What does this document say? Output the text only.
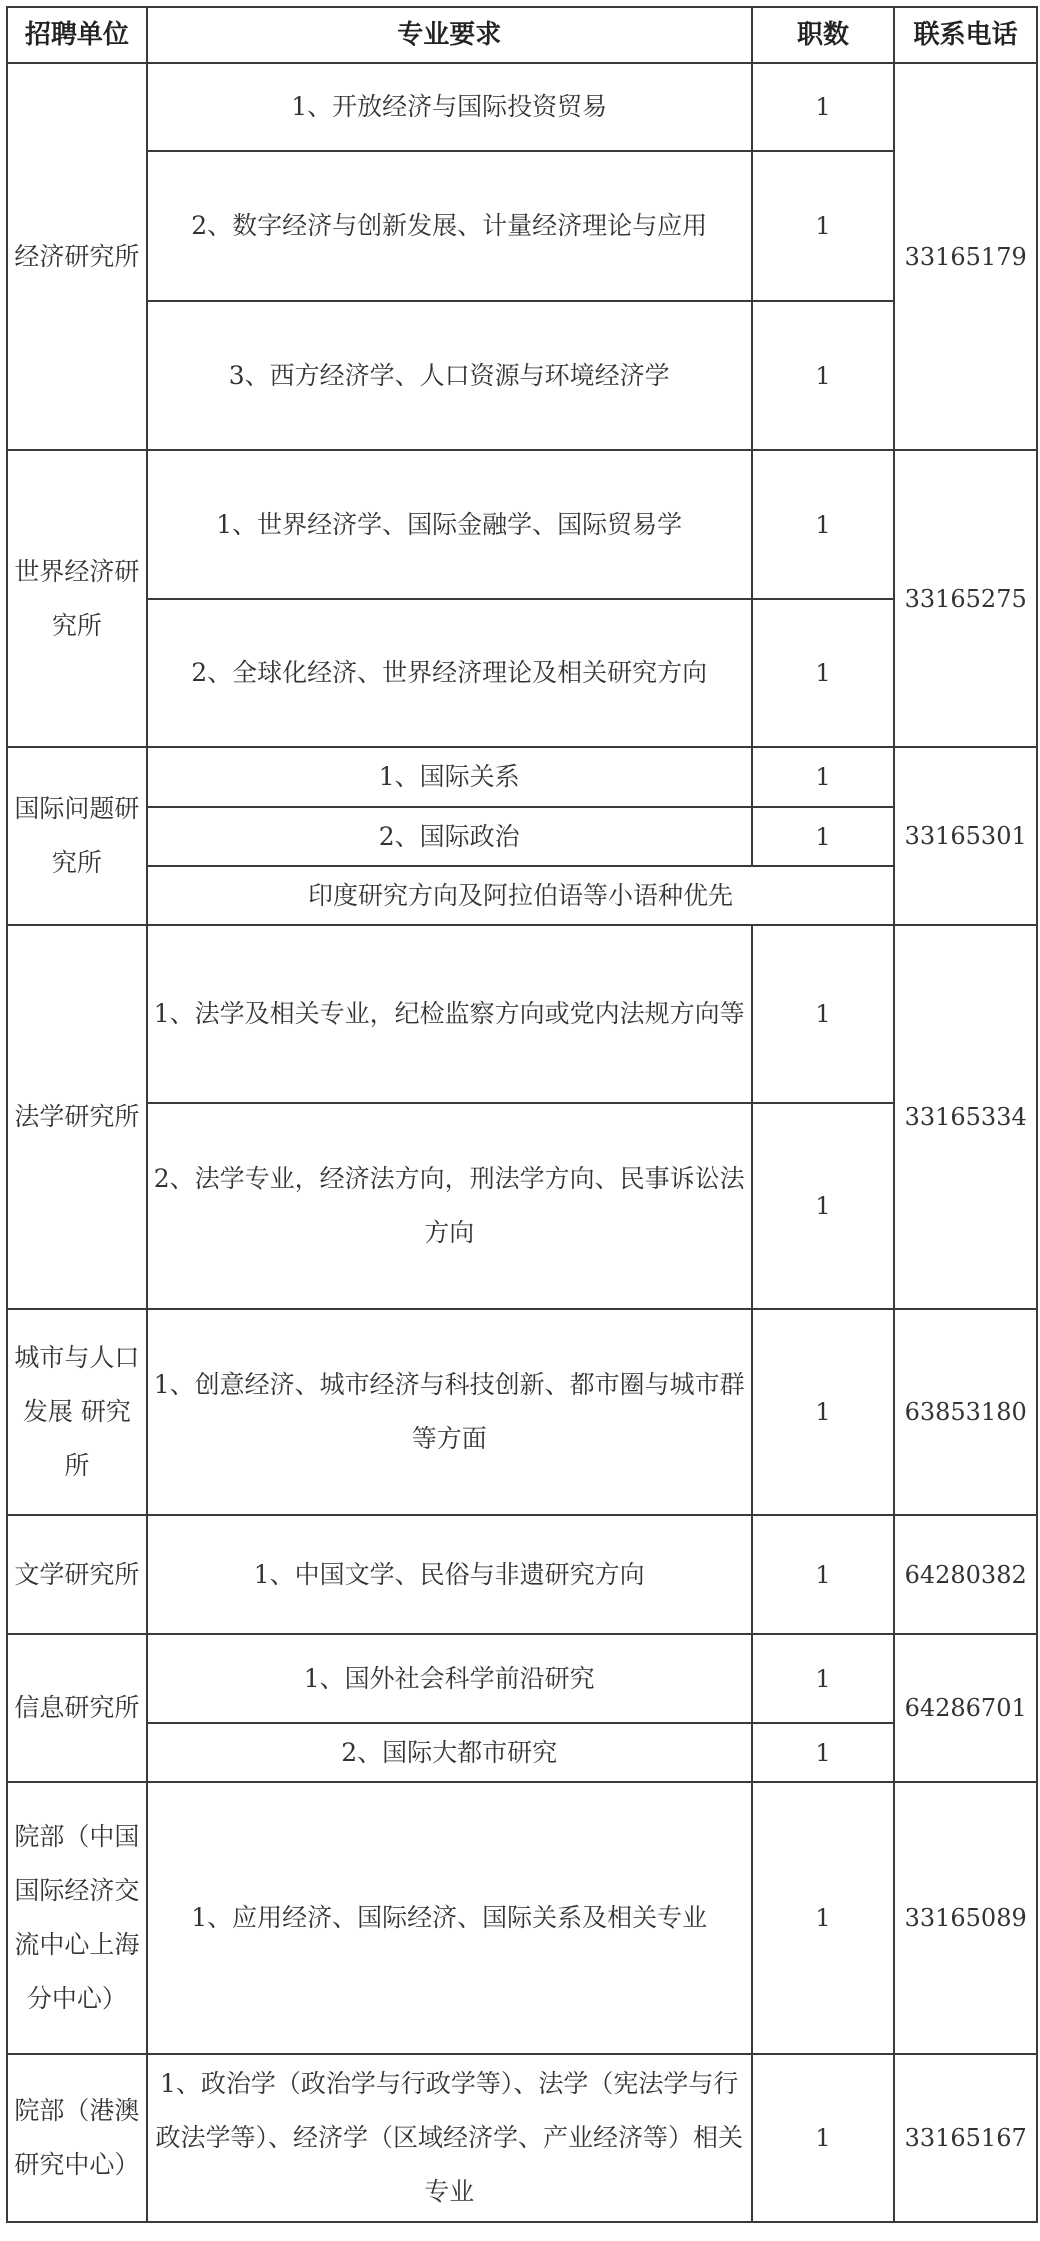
招聘单位	专业要求	职数	联系电话
经济研究所	1、开放经济与国际投资贸易	1	33165179
	2、数字经济与创新发展、计量经济理论与应用	1	
	3、西方经济学、人口资源与环境经济学	1	
世界经济研究所	1、世界经济学、国际金融学、国际贸易学	1	33165275
	2、全球化经济、世界经济理论及相关研究方向	1	
国际问题研究所	1、国际关系	1	33165301
	2、国际政治	1	
	印度研究方向及阿拉伯语等小语种优先		
法学研究所	1、法学及相关专业，纪检监察方向或党内法规方向等	1	33165334
	2、法学专业，经济法方向，刑法学方向、民事诉讼法方向	1	
城市与人口发展 研究所	1、创意经济、城市经济与科技创新、都市圈与城市群等方面	1	63853180
文学研究所	1、中国文学、民俗与非遗研究方向	1	64280382
信息研究所	1、国外社会科学前沿研究	1	64286701
	2、国际大都市研究	1	
院部（中国国际经济交流中心上海分中心）	1、应用经济、国际经济、国际关系及相关专业	1	33165089
院部（港澳研究中心）	1、政治学（政治学与行政学等）、法学（宪法学与行政法学等）、经济学（区域经济学、产业经济等）相关专业	1	33165167
